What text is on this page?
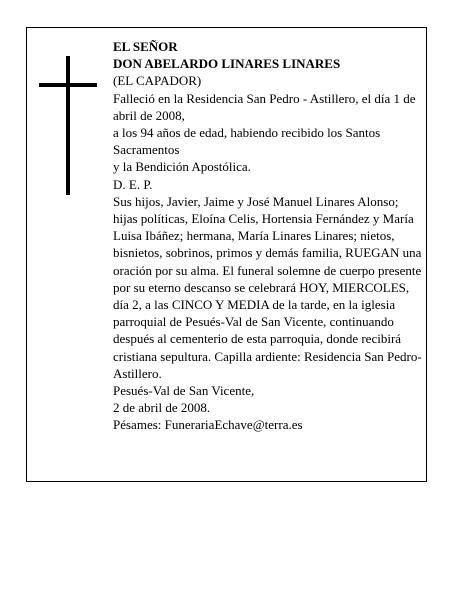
EL SEÑOR

DON ABELARDO LINARES LINARES

(EL CAPADOR)

Falleció en la Residencia San Pedro - Astillero, el día 1 de abril de 2008,

a los 94 años de edad, habiendo recibido los Santos Sacramentos

y la Bendición Apostólica.

D. E. P.

Sus hijos, Javier, Jaime y José Manuel Linares Alonso; hijas políticas, Eloína Celis, Hortensia Fernández y María Luisa Ibáñez; hermana, María Linares Linares; nietos, bisnietos, sobrinos, primos y demás familia, RUEGAN una oración por su alma. El funeral solemne de cuerpo presente por su eterno descanso se celebrará HOY, MIERCOLES, día 2, a las CINCO Y MEDIA de la tarde, en la iglesia parroquial de Pesués-Val de San Vicente, continuando después al cementerio de esta parroquia, donde recibirá cristiana sepultura. Capilla ardiente: Residencia San Pedro-Astillero.

Pesués-Val de San Vicente,

2 de abril de 2008.

Pésames: FunerariaEchave@terra.es
